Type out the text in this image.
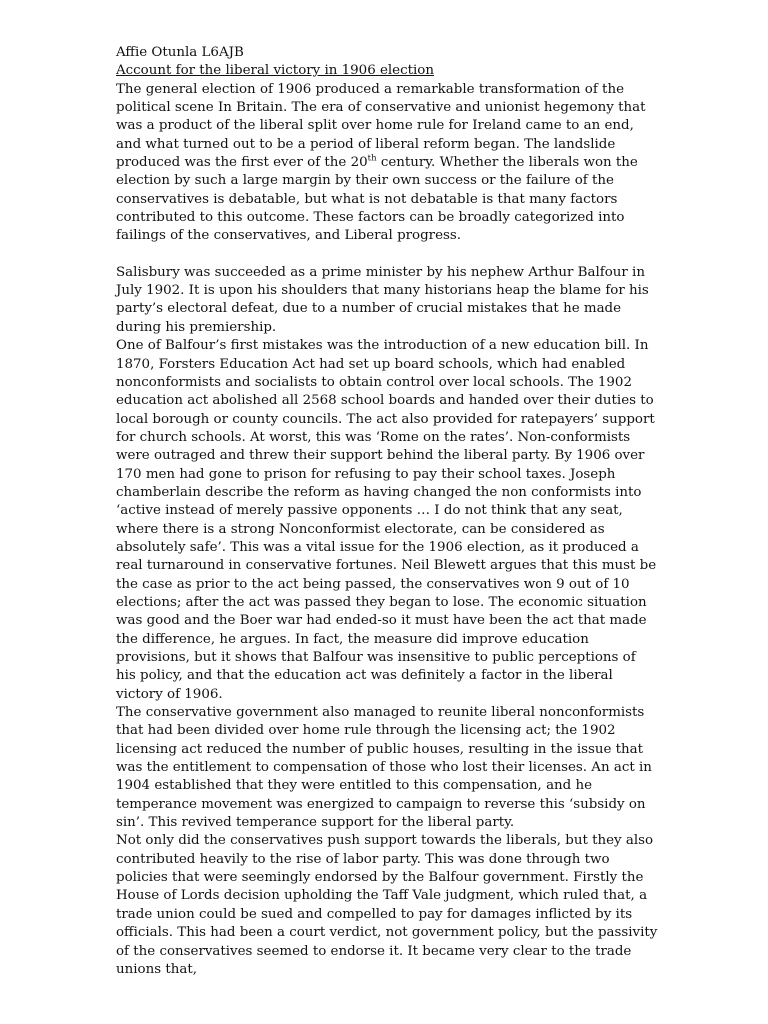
Affie Otunla L6AJB

Account for the liberal victory in 1906 election

The general election of 1906 produced a remarkable transformation of the political scene In Britain. The era of conservative and unionist hegemony that was a product of the liberal split over home rule for Ireland came to an end, and what turned out to be a period of liberal reform began. The landslide produced was the first ever of the 20th century. Whether the liberals won the election by such a large margin by their own success or the failure of the conservatives is debatable, but what is not debatable is that many factors contributed to this outcome. These factors can be broadly categorized into failings of the conservatives, and Liberal progress.

Salisbury was succeeded as a prime minister by his nephew Arthur Balfour in July 1902. It is upon his shoulders that many historians heap the blame for his party’s electoral defeat, due to a number of crucial mistakes that he made during his premiership.

One of Balfour’s first mistakes was the introduction of a new education bill. In 1870, Forsters Education Act had set up board schools, which had enabled nonconformists and socialists to obtain control over local schools. The 1902 education act abolished all 2568 school boards and handed over their duties to local borough or county councils. The act also provided for ratepayers’ support for church schools. At worst, this was ‘Rome on the rates’. Non-conformists were outraged and threw their support behind the liberal party. By 1906 over 170 men had gone to prison for refusing to pay their school taxes. Joseph chamberlain describe the reform as having changed the non conformists into ‘active instead of merely passive opponents … I do not think that any seat, where there is a strong Nonconformist electorate, can be considered as absolutely safe’. This was a vital issue for the 1906 election, as it produced a real turnaround in conservative fortunes. Neil Blewett argues that this must be the case as prior to the act being passed, the conservatives won 9 out of 10 elections; after the act was passed they began to lose. The economic situation was good and the Boer war had ended-so it must have been the act that made the difference, he argues. In fact, the measure did improve education provisions, but it shows that Balfour was insensitive to public perceptions of his policy, and that the education act was definitely a factor in the liberal victory of 1906.

The conservative government also managed to reunite liberal nonconformists that had been divided over home rule through the licensing act; the 1902 licensing act reduced the number of public houses, resulting in the issue that was the entitlement to compensation of those who lost their licenses. An act in 1904 established that they were entitled to this compensation, and he temperance movement was energized to campaign to reverse this ‘subsidy on sin’. This revived temperance support for the liberal party.

Not only did the conservatives push support towards the liberals, but they also contributed heavily to the rise of labor party. This was done through two policies that were seemingly endorsed by the Balfour government. Firstly the House of Lords decision upholding the Taff Vale judgment, which ruled that, a trade union could be sued and compelled to pay for damages inflicted by its officials. This had been a court verdict, not government policy, but the passivity of the conservatives seemed to endorse it. It became very clear to the trade unions that,
